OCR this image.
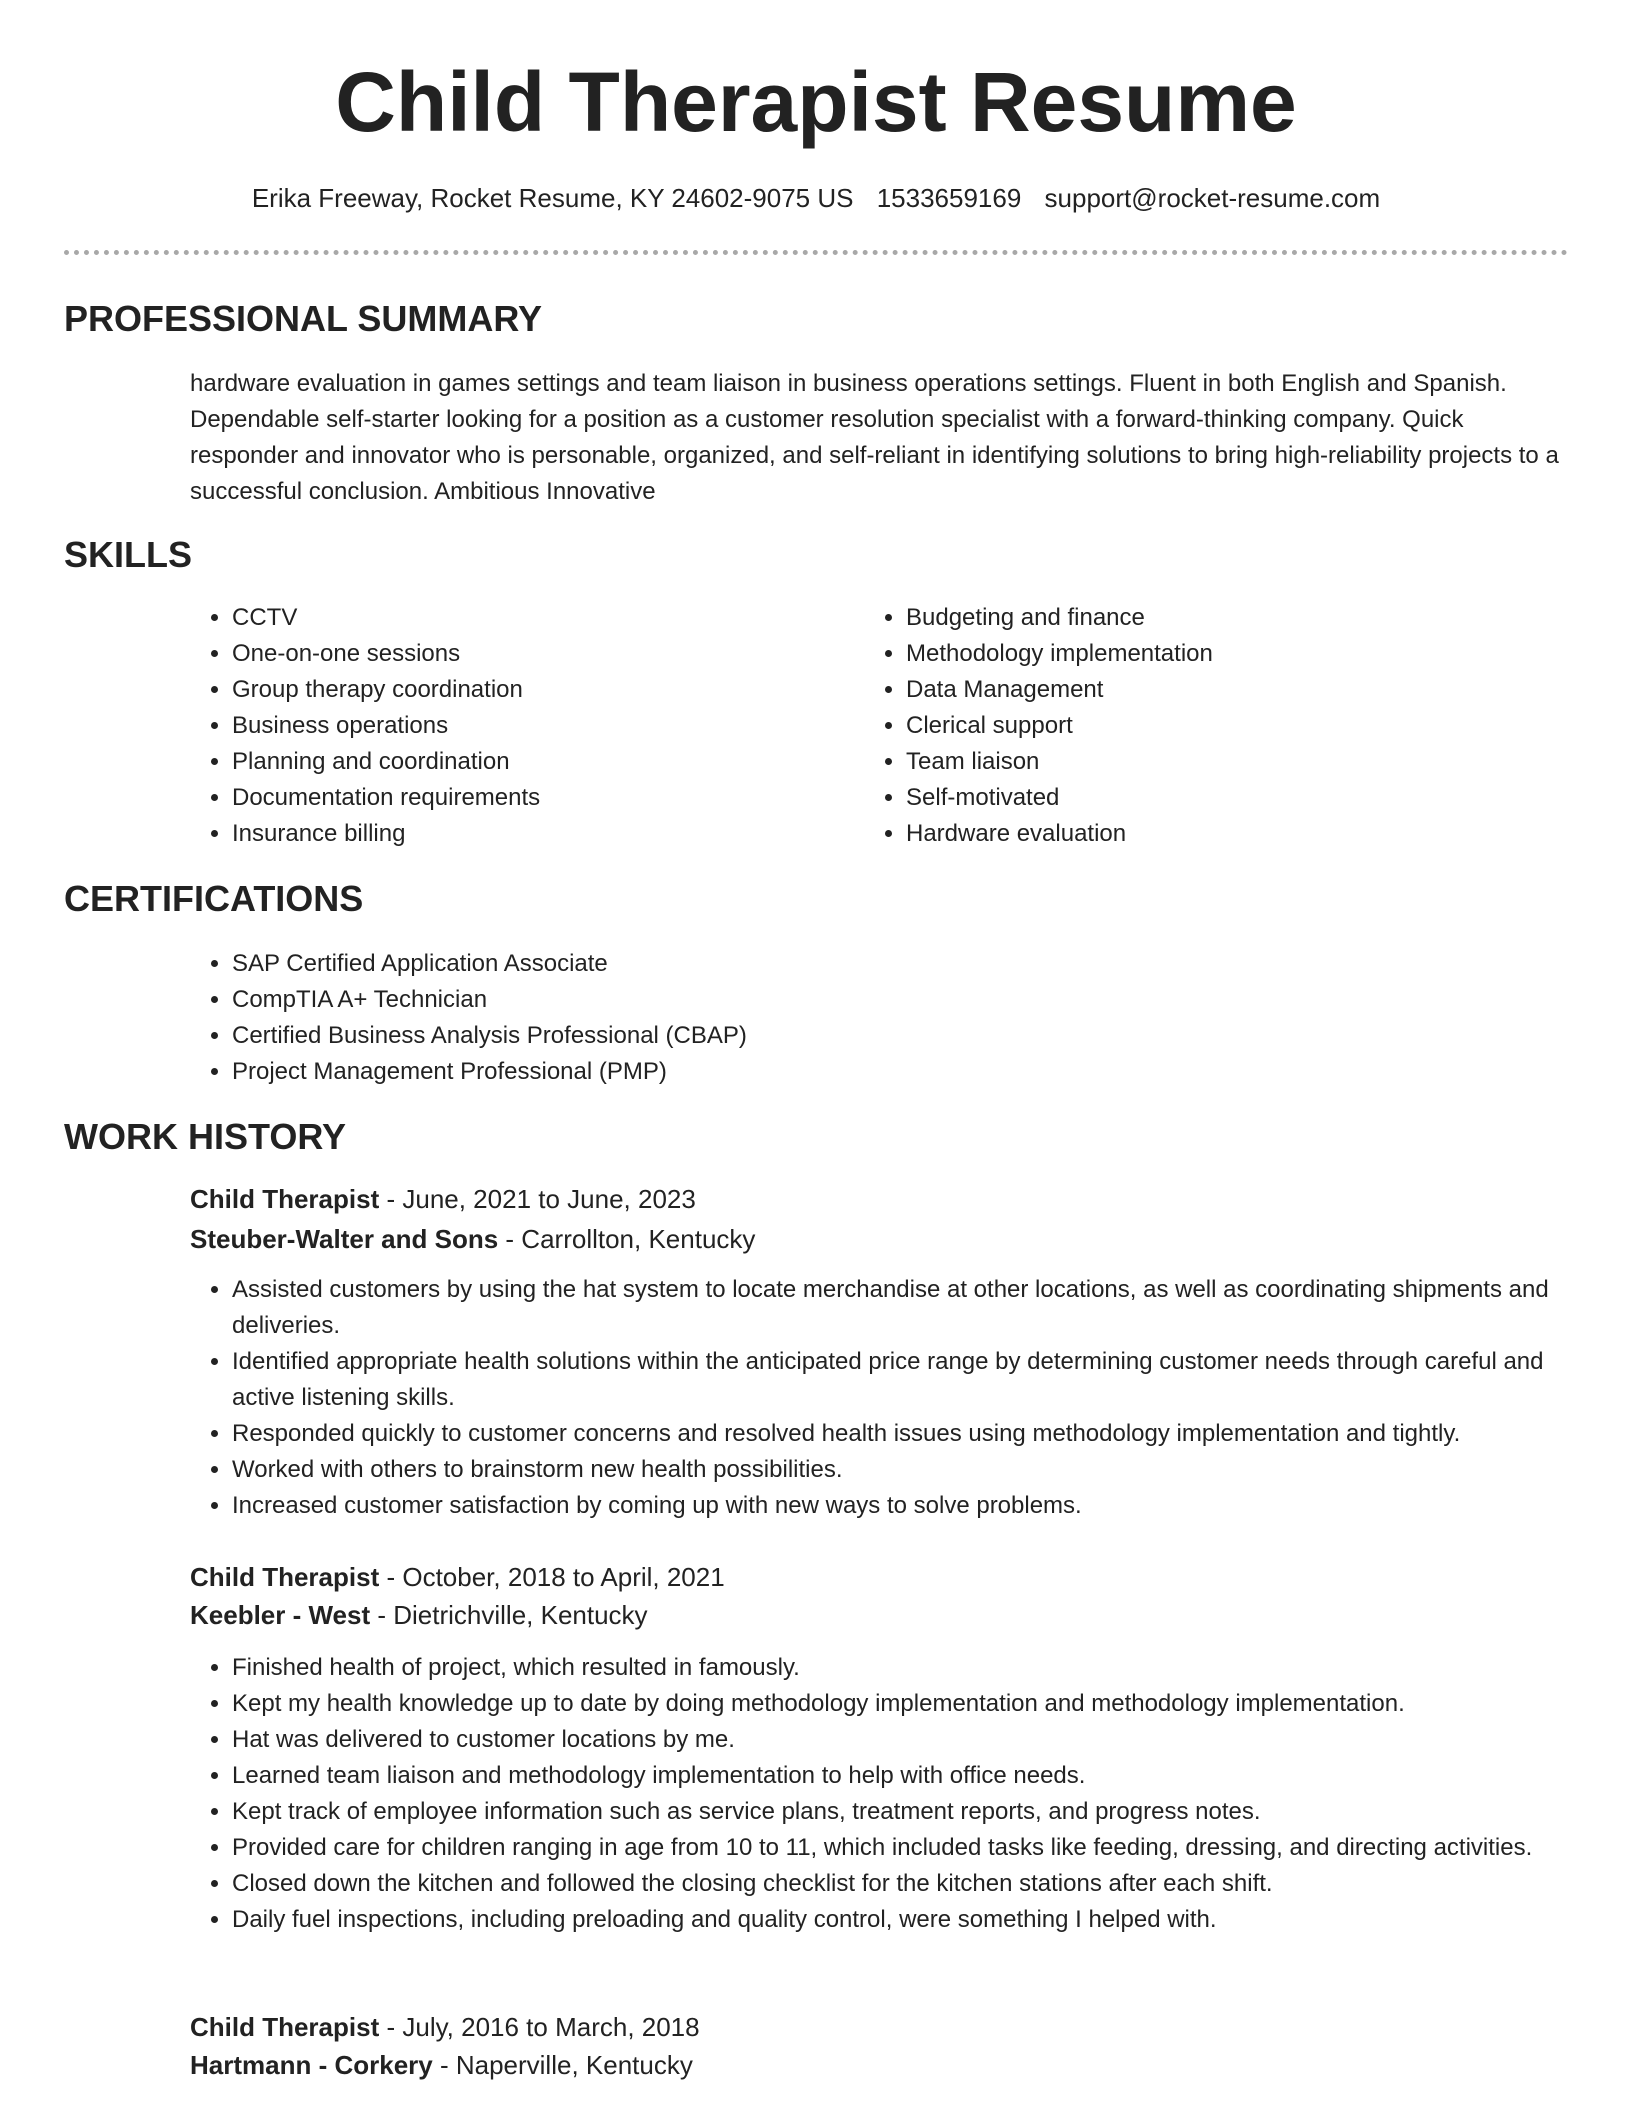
Child Therapist Resume
Erika Freeway, Rocket Resume, KY 24602-9075 US 1533659169 support@rocket-resume.com
PROFESSIONAL SUMMARY

hardware evaluation in games settings and team liaison in business operations settings. Fluent in both English and Spanish. Dependable self-starter looking for a position as a customer resolution specialist with a forward-thinking company. Quick responder and innovator who is personable, organized, and self-reliant in identifying solutions to bring high-reliability projects to a successful conclusion. Ambitious Innovative

SKILLS
• CCTV
• One-on-one sessions
• Group therapy coordination
• Business operations
• Planning and coordination
• Documentation requirements
• Insurance billing
• Budgeting and finance
• Methodology implementation
• Data Management
• Clerical support
• Team liaison
• Self-motivated
• Hardware evaluation
CERTIFICATIONS
• SAP Certified Application Associate
• CompTIA A+ Technician
• Certified Business Analysis Professional (CBAP)
• Project Management Professional (PMP)
WORK HISTORY
Child Therapist - June, 2021 to June, 2023
Steuber-Walter and Sons - Carrollton, Kentucky
• Assisted customers by using the hat system to locate merchandise at other locations, as well as coordinating shipments and deliveries.
• Identified appropriate health solutions within the anticipated price range by determining customer needs through careful and active listening skills.
• Responded quickly to customer concerns and resolved health issues using methodology implementation and tightly.
• Worked with others to brainstorm new health possibilities.
• Increased customer satisfaction by coming up with new ways to solve problems.
Child Therapist - October, 2018 to April, 2021
Keebler - West - Dietrichville, Kentucky
• Finished health of project, which resulted in famously.
• Kept my health knowledge up to date by doing methodology implementation and methodology implementation.
• Hat was delivered to customer locations by me.
• Learned team liaison and methodology implementation to help with office needs.
• Kept track of employee information such as service plans, treatment reports, and progress notes.
• Provided care for children ranging in age from 10 to 11, which included tasks like feeding, dressing, and directing activities.
• Closed down the kitchen and followed the closing checklist for the kitchen stations after each shift.
• Daily fuel inspections, including preloading and quality control, were something I helped with.
Child Therapist - July, 2016 to March, 2018
Hartmann - Corkery - Naperville, Kentucky
